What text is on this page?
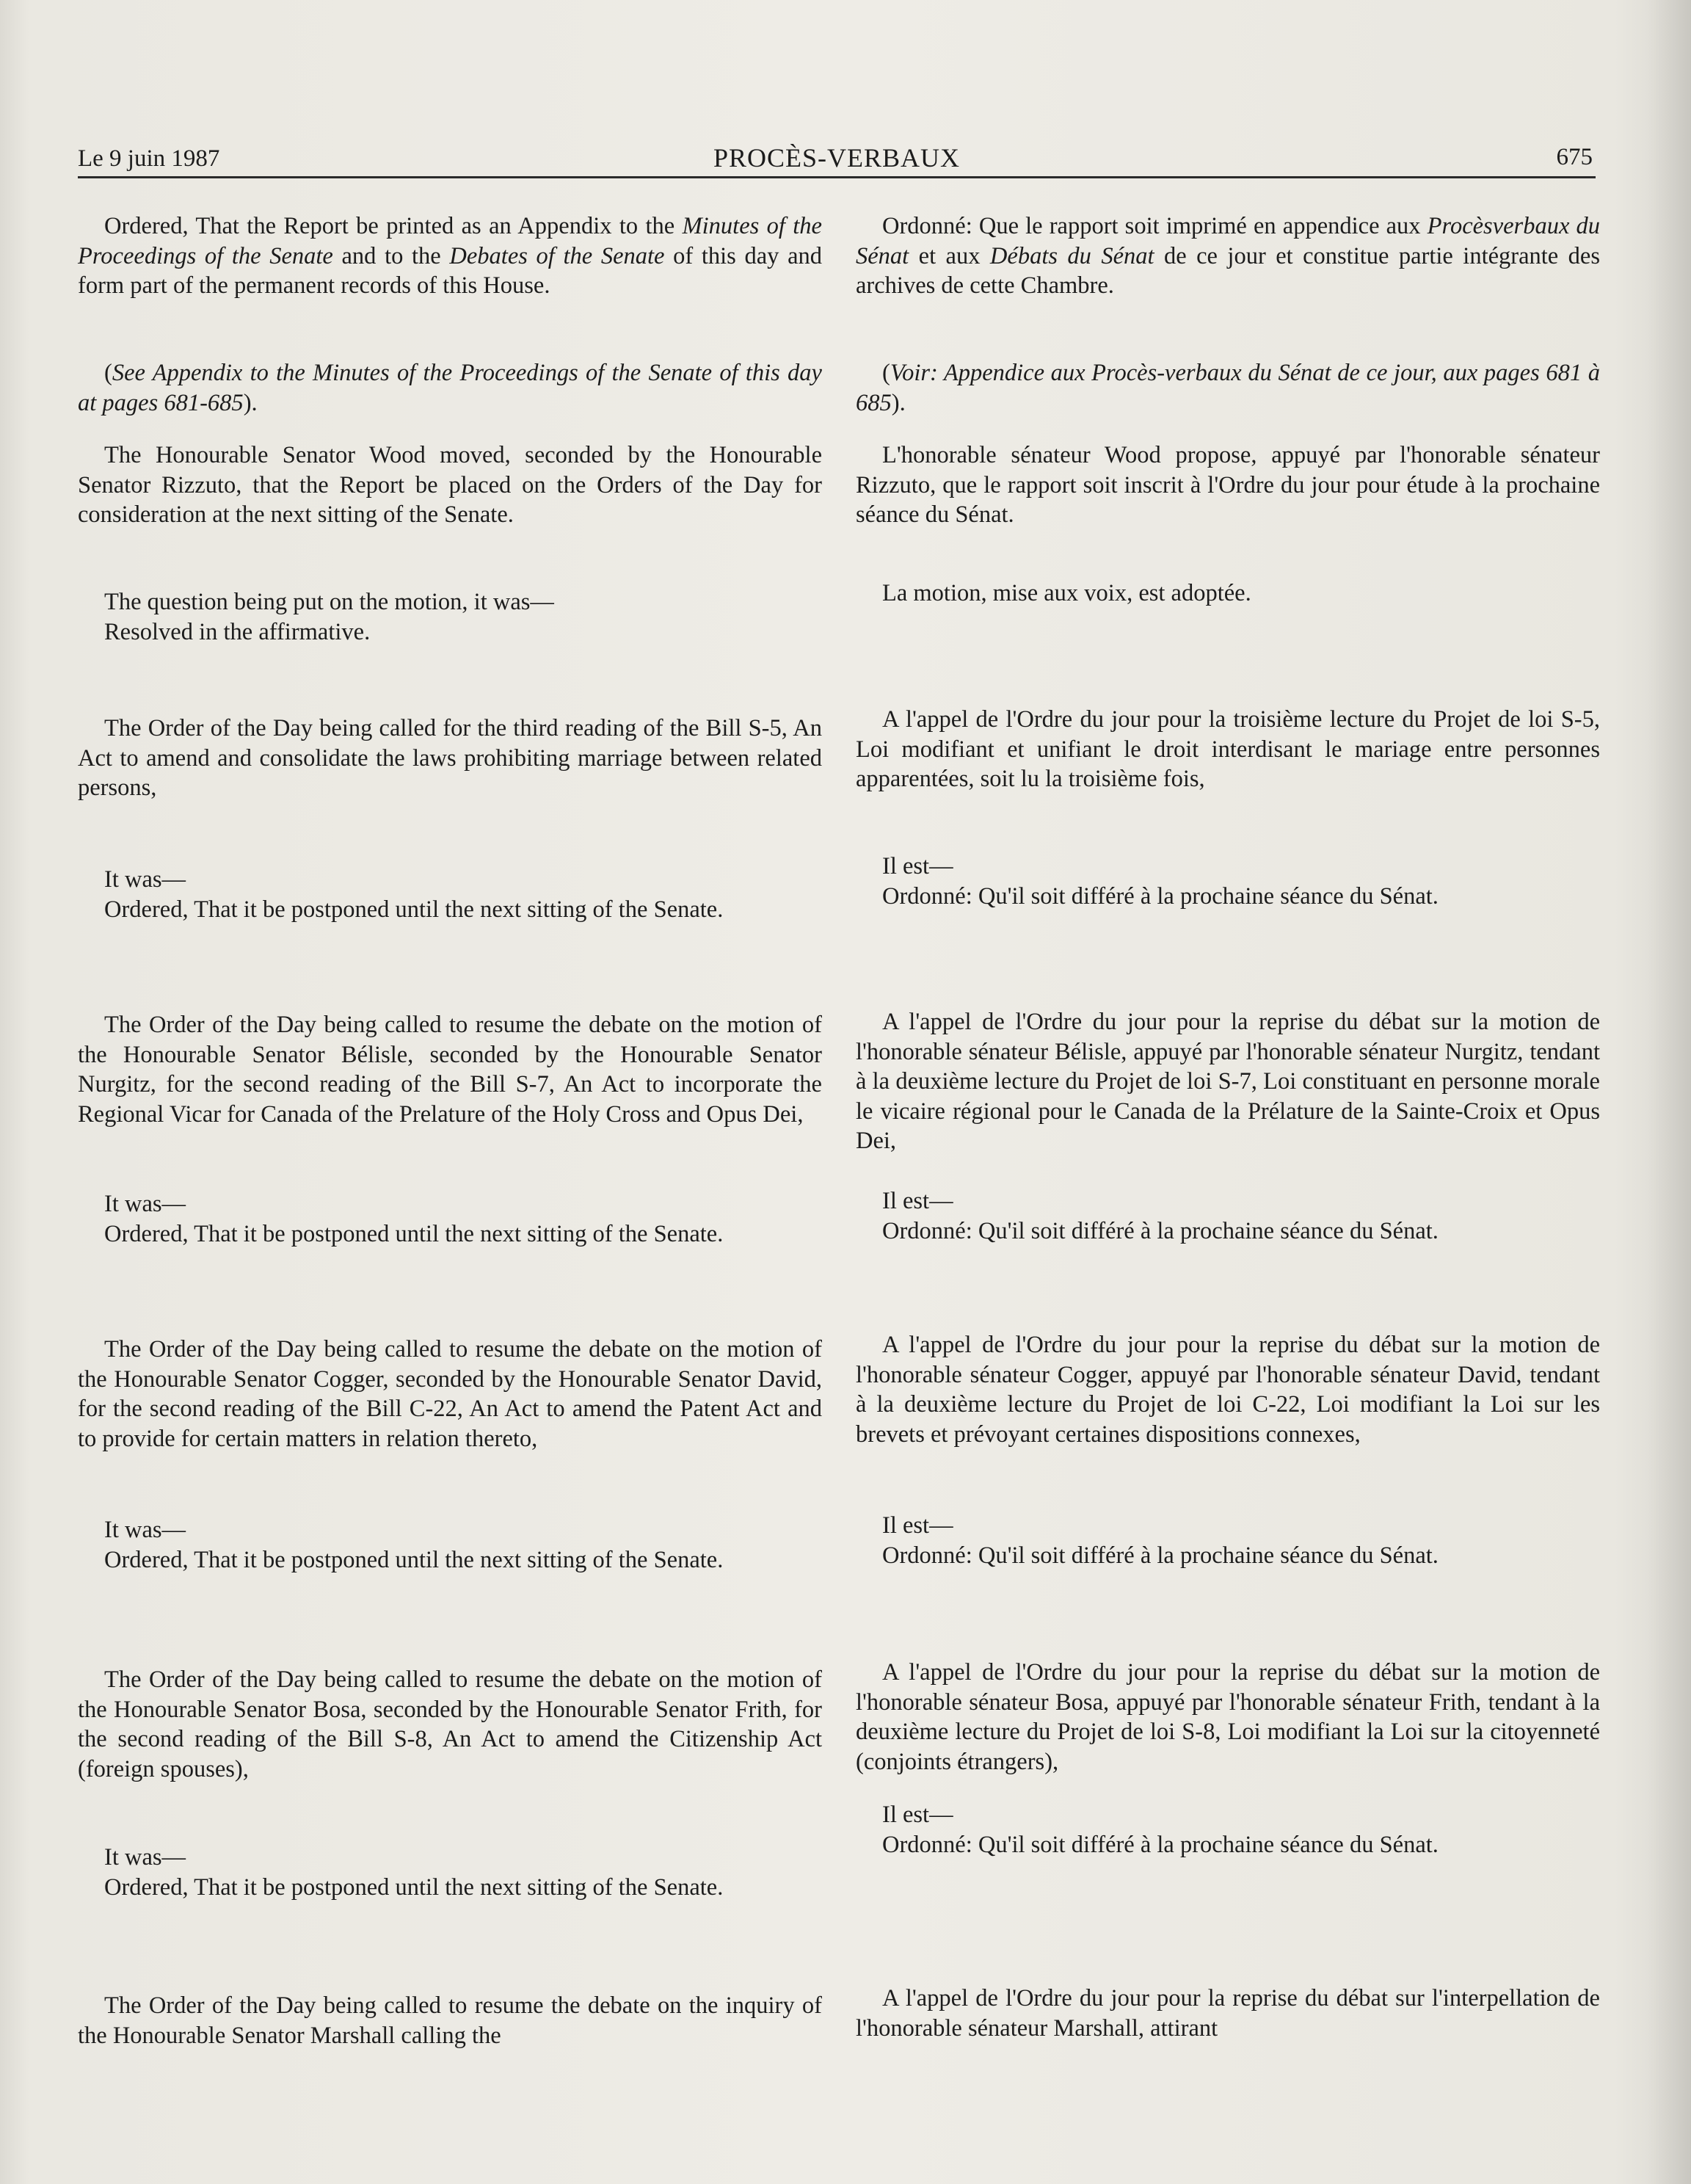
Le 9 juin 1987	PROCÈS-VERBAUX	675

Ordered, That the Report be printed as an Appendix to the Minutes of the Proceedings of the Senate and to the Debates of the Senate of this day and form part of the permanent records of this House.

(See Appendix to the Minutes of the Proceedings of the Senate of this day at pages 681-685).

The Honourable Senator Wood moved, seconded by the Honourable Senator Rizzuto, that the Report be placed on the Orders of the Day for consideration at the next sitting of the Senate.

The question being put on the motion, it was—
Resolved in the affirmative.

The Order of the Day being called for the third reading of the Bill S-5, An Act to amend and consolidate the laws prohibiting marriage between related persons,

It was—

Ordered, That it be postponed until the next sitting of the Senate.

The Order of the Day being called to resume the debate on the motion of the Honourable Senator Bélisle, seconded by the Honourable Senator Nurgitz, for the second reading of the Bill S-7, An Act to incorporate the Regional Vicar for Canada of the Prelature of the Holy Cross and Opus Dei,

It was—

Ordered, That it be postponed until the next sitting of the Senate.

The Order of the Day being called to resume the debate on the motion of the Honourable Senator Cogger, seconded by the Honourable Senator David, for the second reading of the Bill C-22, An Act to amend the Patent Act and to provide for certain matters in relation thereto,

It was—

Ordered, That it be postponed until the next sitting of the Senate.

The Order of the Day being called to resume the debate on the motion of the Honourable Senator Bosa, seconded by the Honourable Senator Frith, for the second reading of the Bill S-8, An Act to amend the Citizenship Act (foreign spouses),

It was—

Ordered, That it be postponed until the next sitting of the Senate.

The Order of the Day being called to resume the debate on the inquiry of the Honourable Senator Marshall calling the

Ordonné: Que le rapport soit imprimé en appendice aux Procèsverbaux du Sénat et aux Débats du Sénat de ce jour et constitue partie intégrante des archives de cette Chambre.

(Voir: Appendice aux Procès-verbaux du Sénat de ce jour, aux pages 681 à 685).

L'honorable sénateur Wood propose, appuyé par l'honorable sénateur Rizzuto, que le rapport soit inscrit à l'Ordre du jour pour étude à la prochaine séance du Sénat.

La motion, mise aux voix, est adoptée.

A l'appel de l'Ordre du jour pour la troisième lecture du Projet de loi S-5, Loi modifiant et unifiant le droit interdisant le mariage entre personnes apparentées, soit lu la troisième fois,

Il est—

Ordonné: Qu'il soit différé à la prochaine séance du Sénat.

A l'appel de l'Ordre du jour pour la reprise du débat sur la motion de l'honorable sénateur Bélisle, appuyé par l'honorable sénateur Nurgitz, tendant à la deuxième lecture du Projet de loi S-7, Loi constituant en personne morale le vicaire régional pour le Canada de la Prélature de la Sainte-Croix et Opus Dei,

Il est—

Ordonné: Qu'il soit différé à la prochaine séance du Sénat.

A l'appel de l'Ordre du jour pour la reprise du débat sur la motion de l'honorable sénateur Cogger, appuyé par l'honorable sénateur David, tendant à la deuxième lecture du Projet de loi C-22, Loi modifiant la Loi sur les brevets et prévoyant certaines dispositions connexes,

Il est—

Ordonné: Qu'il soit différé à la prochaine séance du Sénat.

A l'appel de l'Ordre du jour pour la reprise du débat sur la motion de l'honorable sénateur Bosa, appuyé par l'honorable sénateur Frith, tendant à la deuxième lecture du Projet de loi S-8, Loi modifiant la Loi sur la citoyenneté (conjoints étrangers),

Il est—

Ordonné: Qu'il soit différé à la prochaine séance du Sénat.

A l'appel de l'Ordre du jour pour la reprise du débat sur l'interpellation de l'honorable sénateur Marshall, attirant
